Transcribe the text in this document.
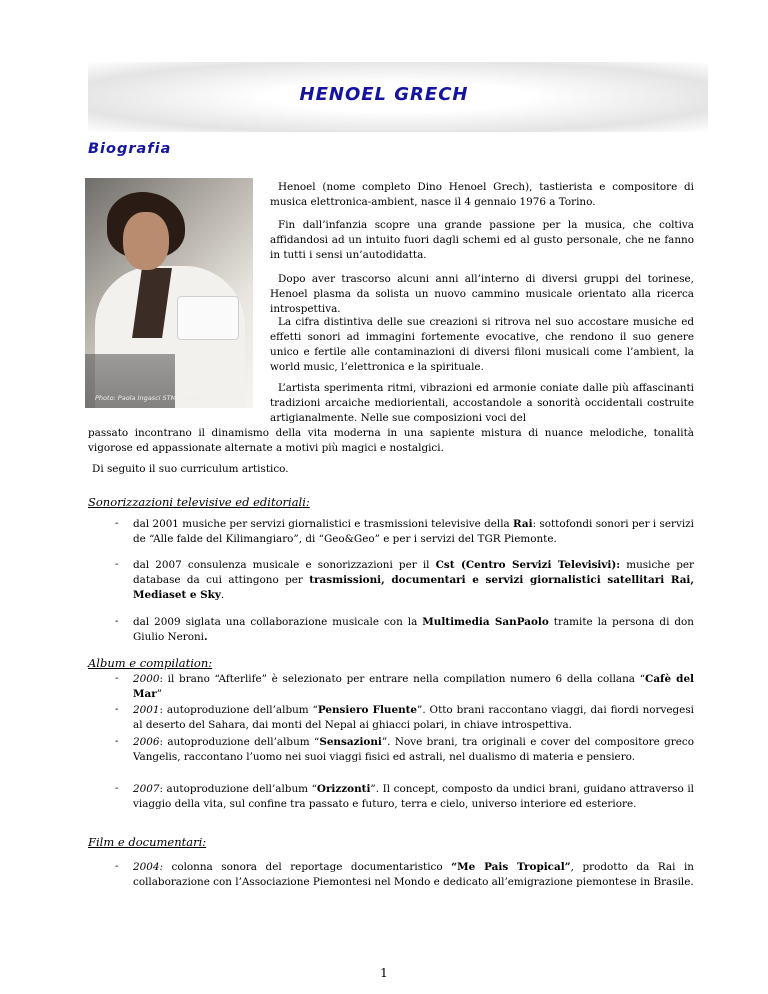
HENOEL GRECH
Biografia
Photo: Paola Ingasci STM Studio

Henoel (nome completo Dino Henoel Grech), tastierista e compositore di musica elettronica-ambient, nasce il 4 gennaio 1976 a Torino.

Fin dall’infanzia scopre una grande passione per la musica, che coltiva affidandosi ad un intuito fuori dagli schemi ed al gusto personale, che ne fanno in tutti i sensi un’autodidatta.

Dopo aver trascorso alcuni anni all’interno di diversi gruppi del torinese, Henoel plasma da solista un nuovo cammino musicale orientato alla ricerca introspettiva.

La cifra distintiva delle sue creazioni si ritrova nel suo accostare musiche ed effetti sonori ad immagini fortemente evocative, che rendono il suo genere unico e fertile alle contaminazioni di diversi filoni musicali come l’ambient, la world music, l’elettronica e la spirituale.

L’artista sperimenta ritmi, vibrazioni ed armonie coniate dalle più affascinanti tradizioni arcaiche mediorientali, accostandole a sonorità occidentali costruite artigianalmente. Nelle sue composizioni voci del

passato incontrano il dinamismo della vita moderna in una sapiente mistura di nuance melodiche, tonalità vigorose ed appassionate alternate a motivi più magici e nostalgici.

Di seguito il suo curriculum artistico.

Sonorizzazioni televisive ed editoriali:
- dal 2001 musiche per servizi giornalistici e trasmissioni televisive della Rai: sottofondi sonori per i servizi de “Alle falde del Kilimangiaro”, di “Geo&Geo” e per i servizi del TGR Piemonte.
- dal 2007 consulenza musicale e sonorizzazioni per il Cst (Centro Servizi Televisivi): musiche per database da cui attingono per trasmissioni, documentari e servizi giornalistici satellitari Rai, Mediaset e Sky.
- dal 2009 siglata una collaborazione musicale con la Multimedia SanPaolo tramite la persona di don Giulio Neroni.
Album e compilation:
- 2000: il brano “Afterlife” è selezionato per entrare nella compilation numero 6 della collana “Cafè del Mar”
- 2001: autoproduzione dell’album “Pensiero Fluente”. Otto brani raccontano viaggi, dai fiordi norvegesi al deserto del Sahara, dai monti del Nepal ai ghiacci polari, in chiave introspettiva.
- 2006: autoproduzione dell’album “Sensazioni”. Nove brani, tra originali e cover del compositore greco Vangelis, raccontano l’uomo nei suoi viaggi fisici ed astrali, nel dualismo di materia e pensiero.
- 2007: autoproduzione dell’album “Orizzonti”. Il concept, composto da undici brani, guidano attraverso il viaggio della vita, sul confine tra passato e futuro, terra e cielo, universo interiore ed esteriore.
Film e documentari:
- 2004: colonna sonora del reportage documentaristico “Me Pais Tropical”, prodotto da Rai in collaborazione con l’Associazione Piemontesi nel Mondo e dedicato all’emigrazione piemontese in Brasile.
1
